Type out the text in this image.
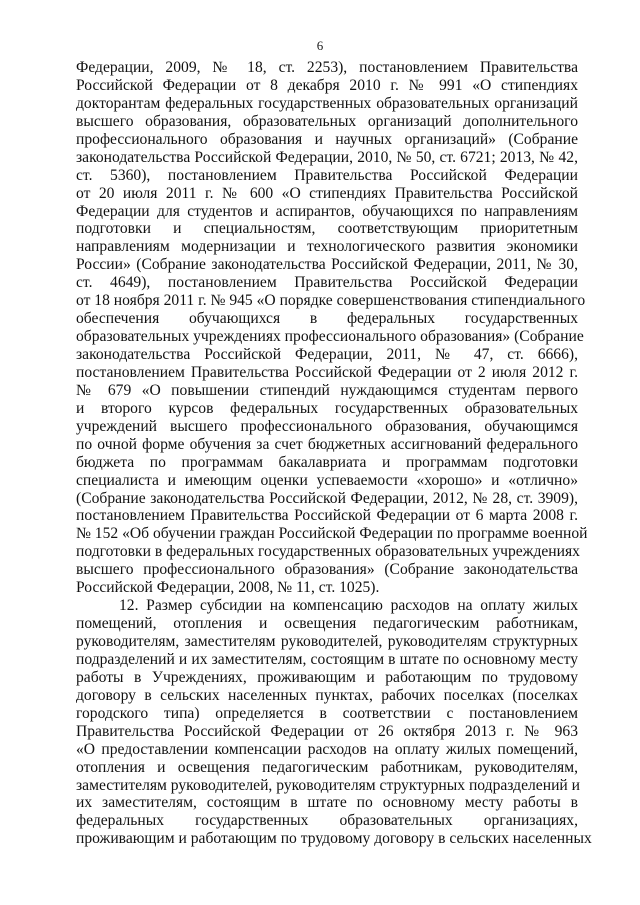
6
Федерации, 2009, № 18, ст. 2253), постановлением Правительства
Российской Федерации от 8 декабря 2010 г. № 991 «О стипендиях
докторантам федеральных государственных образовательных организаций
высшего образования, образовательных организаций дополнительного
профессионального образования и научных организаций» (Собрание
законодательства Российской Федерации, 2010, № 50, ст. 6721; 2013, № 42,
ст. 5360), постановлением Правительства Российской Федерации
от 20 июля 2011 г. № 600 «О стипендиях Правительства Российской
Федерации для студентов и аспирантов, обучающихся по направлениям
подготовки и специальностям, соответствующим приоритетным
направлениям модернизации и технологического развития экономики
России» (Собрание законодательства Российской Федерации, 2011, № 30,
ст. 4649), постановлением Правительства Российской Федерации
от 18 ноября 2011 г. № 945 «О порядке совершенствования стипендиального
обеспечения обучающихся в федеральных государственных
образовательных учреждениях профессионального образования» (Собрание
законодательства Российской Федерации, 2011, № 47, ст. 6666),
постановлением Правительства Российской Федерации от 2 июля 2012 г.
№ 679 «О повышении стипендий нуждающимся студентам первого
и второго курсов федеральных государственных образовательных
учреждений высшего профессионального образования, обучающимся
по очной форме обучения за счет бюджетных ассигнований федерального
бюджета по программам бакалавриата и программам подготовки
специалиста и имеющим оценки успеваемости «хорошо» и «отлично»
(Собрание законодательства Российской Федерации, 2012, № 28, ст. 3909),
постановлением Правительства Российской Федерации от 6 марта 2008 г.
№ 152 «Об обучении граждан Российской Федерации по программе военной
подготовки в федеральных государственных образовательных учреждениях
высшего профессионального образования» (Собрание законодательства
Российской Федерации, 2008, № 11, ст. 1025).
12. Размер субсидии на компенсацию расходов на оплату жилых
помещений, отопления и освещения педагогическим работникам,
руководителям, заместителям руководителей, руководителям структурных
подразделений и их заместителям, состоящим в штате по основному месту
работы в Учреждениях, проживающим и работающим по трудовому
договору в сельских населенных пунктах, рабочих поселках (поселках
городского типа) определяется в соответствии с постановлением
Правительства Российской Федерации от 26 октября 2013 г. № 963
«О предоставлении компенсации расходов на оплату жилых помещений,
отопления и освещения педагогическим работникам, руководителям,
заместителям руководителей, руководителям структурных подразделений и
их заместителям, состоящим в штате по основному месту работы в
федеральных государственных образовательных организациях,
проживающим и работающим по трудовому договору в сельских населенных
